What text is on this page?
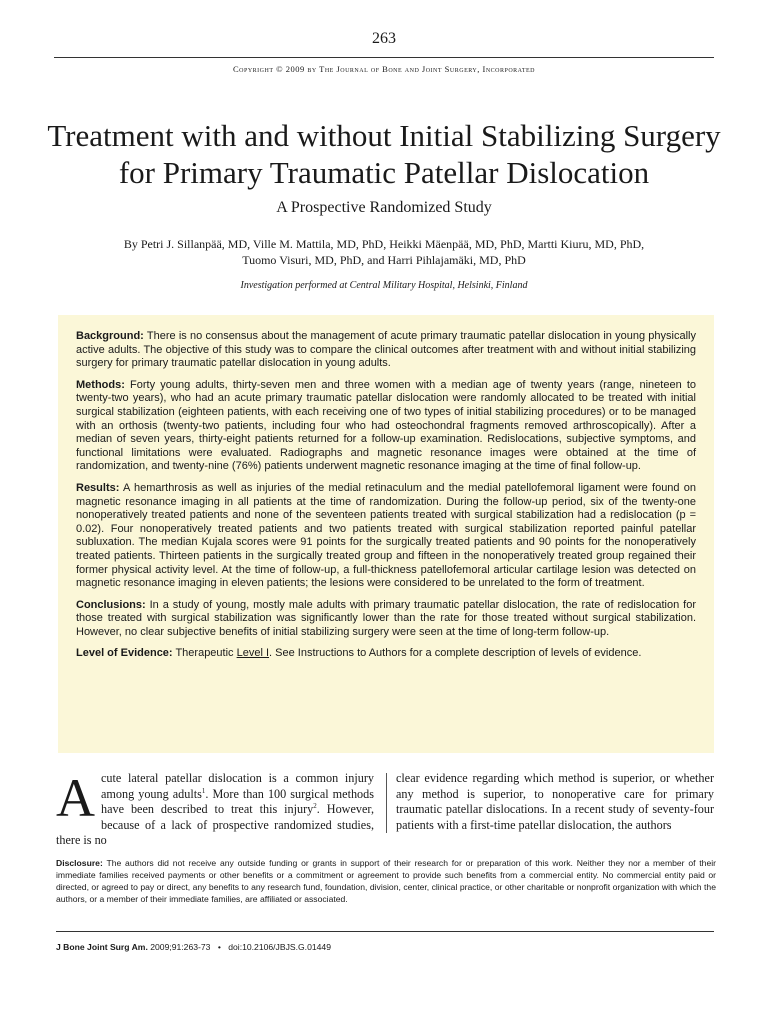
263
Copyright © 2009 by The Journal of Bone and Joint Surgery, Incorporated
Treatment with and without Initial Stabilizing Surgery for Primary Traumatic Patellar Dislocation
A Prospective Randomized Study
By Petri J. Sillanpää, MD, Ville M. Mattila, MD, PhD, Heikki Mäenpää, MD, PhD, Martti Kiuru, MD, PhD,
Tuomo Visuri, MD, PhD, and Harri Pihlajamäki, MD, PhD
Investigation performed at Central Military Hospital, Helsinki, Finland

Background: There is no consensus about the management of acute primary traumatic patellar dislocation in young physically active adults. The objective of this study was to compare the clinical outcomes after treatment with and without initial stabilizing surgery for primary traumatic patellar dislocation in young adults.

Methods: Forty young adults, thirty-seven men and three women with a median age of twenty years (range, nineteen to twenty-two years), who had an acute primary traumatic patellar dislocation were randomly allocated to be treated with initial surgical stabilization (eighteen patients, with each receiving one of two types of initial stabilizing procedures) or to be managed with an orthosis (twenty-two patients, including four who had osteochondral fragments removed arthroscopically). After a median of seven years, thirty-eight patients returned for a follow-up examination. Redislocations, subjective symptoms, and functional limitations were evaluated. Radiographs and magnetic resonance images were obtained at the time of randomization, and twenty-nine (76%) patients underwent magnetic resonance imaging at the time of final follow-up.

Results: A hemarthrosis as well as injuries of the medial retinaculum and the medial patellofemoral ligament were found on magnetic resonance imaging in all patients at the time of randomization. During the follow-up period, six of the twenty-one nonoperatively treated patients and none of the seventeen patients treated with surgical stabilization had a redislocation (p = 0.02). Four nonoperatively treated patients and two patients treated with surgical stabilization reported painful patellar subluxation. The median Kujala scores were 91 points for the surgically treated patients and 90 points for the nonoperatively treated patients. Thirteen patients in the surgically treated group and fifteen in the nonoperatively treated group regained their former physical activity level. At the time of follow-up, a full-thickness patellofemoral articular cartilage lesion was detected on magnetic resonance imaging in eleven patients; the lesions were considered to be unrelated to the form of treatment.

Conclusions: In a study of young, mostly male adults with primary traumatic patellar dislocation, the rate of redislocation for those treated with surgical stabilization was significantly lower than the rate for those treated without surgical stabilization. However, no clear subjective benefits of initial stabilizing surgery were seen at the time of long-term follow-up.

Level of Evidence: Therapeutic Level I. See Instructions to Authors for a complete description of levels of evidence.

Acute lateral patellar dislocation is a common injury among young adults$^1$. More than 100 surgical methods have been described to treat this injury$^2$. However, because of a lack of prospective randomized studies, there is no
clear evidence regarding which method is superior, or whether any method is superior, to nonoperative care for primary traumatic patellar dislocations. In a recent study of seventy-four patients with a first-time patellar dislocation, the authors
Disclosure: The authors did not receive any outside funding or grants in support of their research for or preparation of this work. Neither they nor a member of their immediate families received payments or other benefits or a commitment or agreement to provide such benefits from a commercial entity. No commercial entity paid or directed, or agreed to pay or direct, any benefits to any research fund, foundation, division, center, clinical practice, or other charitable or nonprofit organization with which the authors, or a member of their immediate families, are affiliated or associated.
J Bone Joint Surg Am. 2009;91:263-73 • doi:10.2106/JBJS.G.01449
